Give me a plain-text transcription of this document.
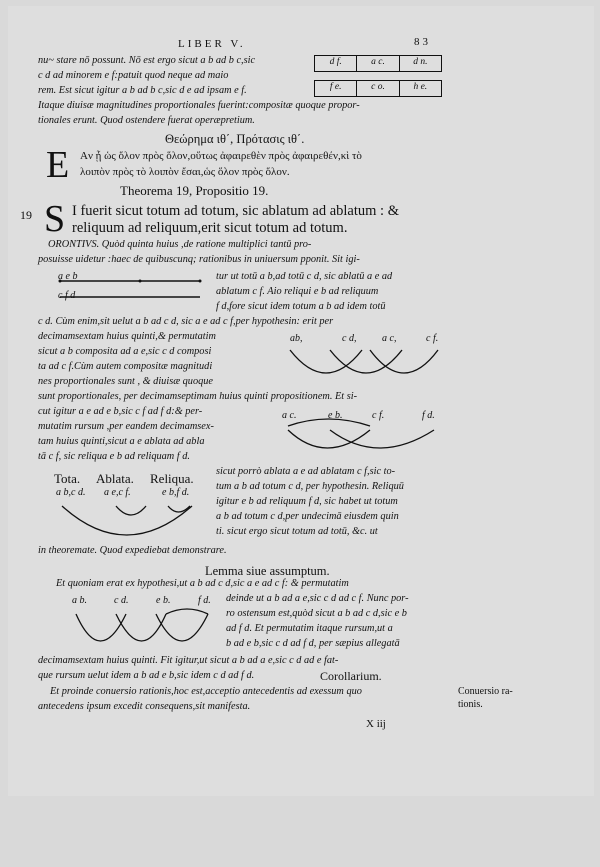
LIBER V.	83
d f.	a c.	d n.
f e.	c o.	h e.
nu~ stare nō possunt. Nō est ergo sicut a b ad b c,sic
c d ad minorem e f:patuit quod neque ad maio
rem. Est sicut igitur a b ad b c,sic d e ad ipsam e f.
Itaque diuisæ magnitudines proportionales fuerint:compositæ quoque propor-
tionales erunt. Quod ostendere fuerat operæpretium.
Θεώρημα ιθ΄, Πρότασις ιθ΄.
E Aν ᾖ ὡς ὅλον πρὸς ὅλον,οὕτως ἀφαιρεθὲν πρὸς ἀφαιρεθέν,κὶ τὸ
λοιπὸν πρὸς τὸ λοιπὸν ἔσαι,ὡς ὅλον πρὸς ὅλον.
Theorema 19, Propositio 19.
19 S I fuerit sicut totum ad totum, sic ablatum ad ablatum : &
reliquum ad reliquum,erit sicut totum ad totum.
ORONTIVS. Quòd quinta huius ,de ratione multiplici tantū pro-
posuisse uidetur :haec de quibuscunq; rationibus in uniuersum pponit. Sit igi-
a e b
c f d
tur ut totū a b,ad totū c d, sic ablatū a e ad
ablatum c f. Aio reliqui e b ad reliquum
f d,fore sicut idem totum a b ad idem totū
c d. Cùm enim,sit uelut a b ad c d, sic a e ad c f,per hypothesin: erit per
decimamsextam huius quinti,& permutatim
sicut a b composita ad a e,sic c d composi
ta ad c f.Cùm autem compositæ magnitudi
nes proportionales sunt , & diuisæ quoque
sunt proportionales, per decimamseptimam huius quinti propositionem. Et si-
cut igitur a e ad e b,sic c f ad f d:& per-
mutatim rursum ,per eandem decimamsex-
tam huius quinti,sicut a e ablata ad abla
tā c f, sic reliqua e b ad reliquam f d.
ab,	c d,	a c,	c f.
a c.	e b.	c f.	f d.
Tota. Ablata. Reliqua.
a b,c d. a e,c f.	e b,f d.
sicut porrò ablata a e ad ablatam c f,sic to-
tum a b ad totum c d, per hypothesin. Reliquū
igitur e b ad reliquum f d, sic habet ut totum
a b ad totum c d,per undecimā eiusdem quin
ti. sicut ergo sicut totum ad totū, &c. ut
in theoremate. Quod expediebat demonstrare.
Lemma siue assumptum.
Et quoniam erat ex hypothesi,ut a b ad c d,sic a e ad c f: & permutatim
a b.	c d.	e b.	f d. deinde ut a b ad a e,sic c d ad c f. Nunc por-
ro ostensum est,quòd sicut a b ad c d,sic e b
ad f d. Et permutatim itaque rursum,ut a
b ad e b,sic c d ad f d, per sæpius allegatā
decimamsextam huius quinti. Fit igitur,ut sicut a b ad a e,sic c d ad e fat-
que rursum uelut idem a b ad e b,sic idem c d ad f d.	Corollarium.
Et proinde conuersio rationis,hoc est,acceptio antecedentis ad exessum quo
antecedens ipsum excedit consequens,sit manifesta.
Conuersio ra-
tionis.
X iij
